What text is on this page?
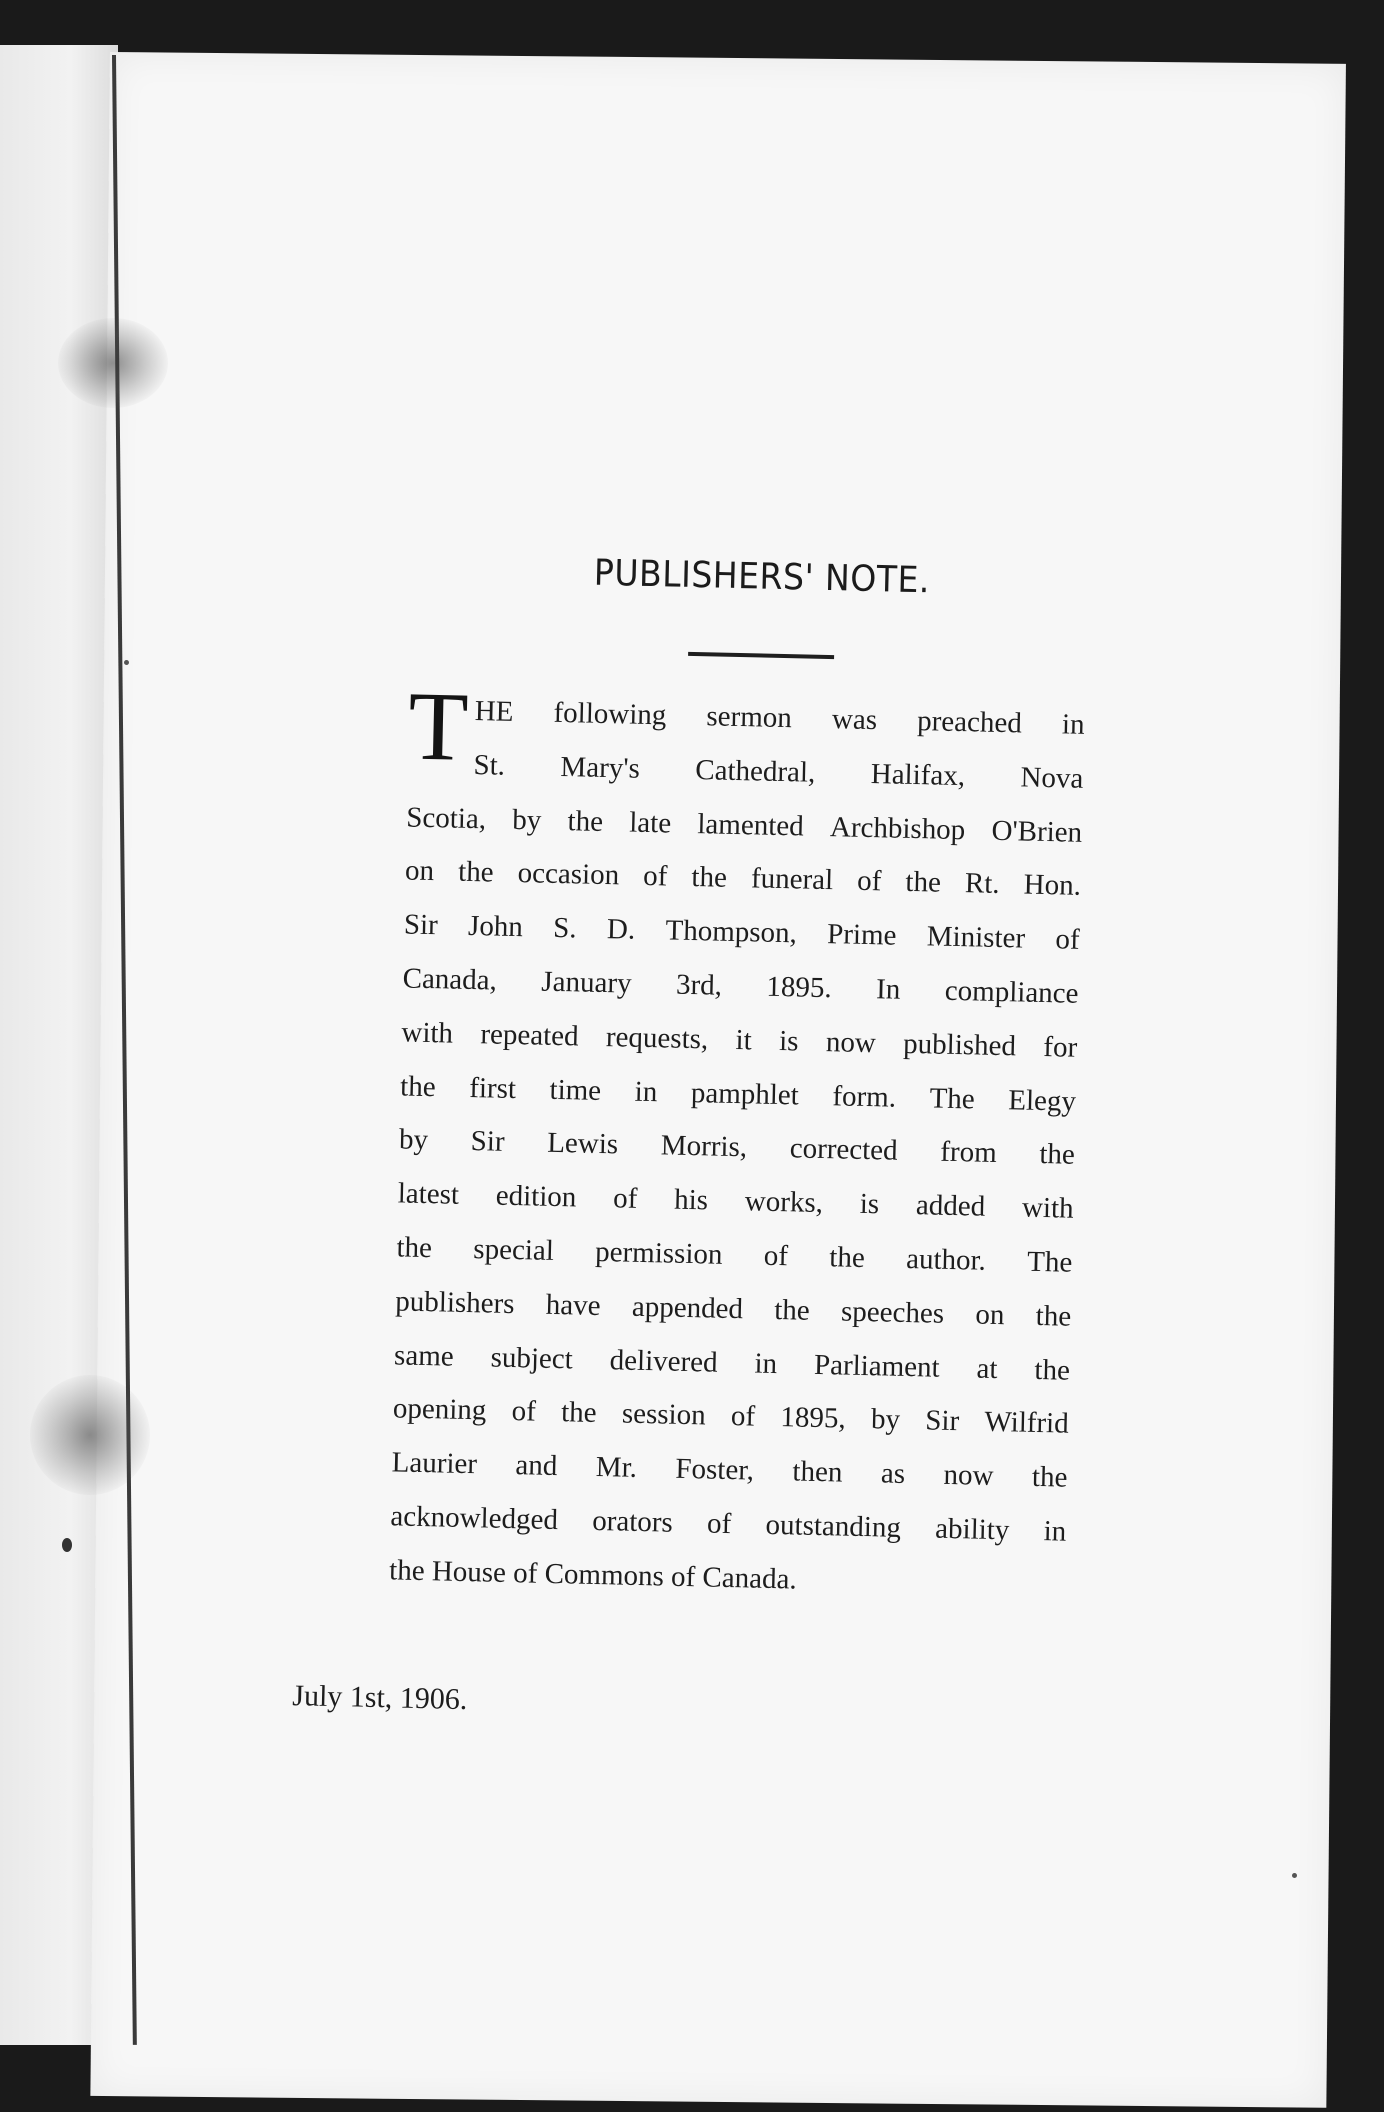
PUBLISHERS' NOTE.
T HE following sermon was preached in
St. Mary's Cathedral, Halifax, Nova
Scotia, by the late lamented Archbishop O'Brien
on the occasion of the funeral of the Rt. Hon.
Sir John S. D. Thompson, Prime Minister of
Canada, January 3rd, 1895. In compliance
with repeated requests, it is now published for
the first time in pamphlet form. The Elegy
by Sir Lewis Morris, corrected from the
latest edition of his works, is added with
the special permission of the author. The
publishers have appended the speeches on the
same subject delivered in Parliament at the
opening of the session of 1895, by Sir Wilfrid
Laurier and Mr. Foster, then as now the
acknowledged orators of outstanding ability in
the House of Commons of Canada.
July 1st, 1906.
